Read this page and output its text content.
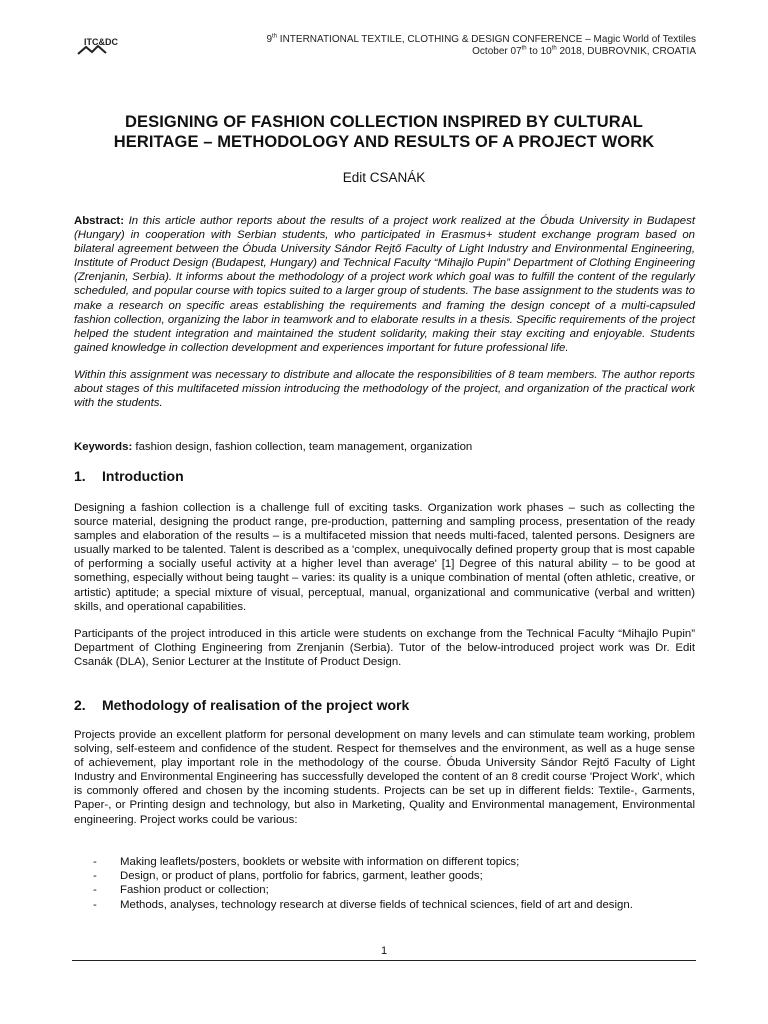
ITC&DC	9th INTERNATIONAL TEXTILE, CLOTHING & DESIGN CONFERENCE – Magic World of Textiles
October 07th to 10th 2018, DUBROVNIK, CROATIA
DESIGNING OF FASHION COLLECTION INSPIRED BY CULTURAL
HERITAGE – METHODOLOGY AND RESULTS OF A PROJECT WORK
Edit CSANÁK

Abstract: In this article author reports about the results of a project work realized at the Óbuda University in Budapest (Hungary) in cooperation with Serbian students, who participated in Erasmus+ student exchange program based on bilateral agreement between the Óbuda University Sándor Rejtő Faculty of Light Industry and Environmental Engineering, Institute of Product Design (Budapest, Hungary) and Technical Faculty “Mihajlo Pupin” Department of Clothing Engineering (Zrenjanin, Serbia). It informs about the methodology of a project work which goal was to fulfill the content of the regularly scheduled, and popular course with topics suited to a larger group of students. The base assignment to the students was to make a research on specific areas establishing the requirements and framing the design concept of a multi-capsuled fashion collection, organizing the labor in teamwork and to elaborate results in a thesis. Specific requirements of the project helped the student integration and maintained the student solidarity, making their stay exciting and enjoyable. Students gained knowledge in collection development and experiences important for future professional life.

Within this assignment was necessary to distribute and allocate the responsibilities of 8 team members. The author reports about stages of this multifaceted mission introducing the methodology of the project, and organization of the practical work with the students.

Keywords: fashion design, fashion collection, team management, organization
1. Introduction

Designing a fashion collection is a challenge full of exciting tasks. Organization work phases – such as collecting the source material, designing the product range, pre-production, patterning and sampling process, presentation of the ready samples and elaboration of the results – is a multifaceted mission that needs multi-faced, talented persons. Designers are usually marked to be talented. Talent is described as a 'complex, unequivocally defined property group that is most capable of performing a socially useful activity at a higher level than average' [1] Degree of this natural ability – to be good at something, especially without being taught – varies: its quality is a unique combination of mental (often athletic, creative, or artistic) aptitude; a special mixture of visual, perceptual, manual, organizational and communicative (verbal and written) skills, and operational capabilities.

Participants of the project introduced in this article were students on exchange from the Technical Faculty “Mihajlo Pupin” Department of Clothing Engineering from Zrenjanin (Serbia). Tutor of the below-introduced project work was Dr. Edit Csanák (DLA), Senior Lecturer at the Institute of Product Design.

2. Methodology of realisation of the project work

Projects provide an excellent platform for personal development on many levels and can stimulate team working, problem solving, self-esteem and confidence of the student. Respect for themselves and the environment, as well as a huge sense of achievement, play important role in the methodology of the course. Óbuda University Sándor Rejtő Faculty of Light Industry and Environmental Engineering has successfully developed the content of an 8 credit course 'Project Work', which is commonly offered and chosen by the incoming students. Projects can be set up in different fields: Textile-, Garments, Paper-, or Printing design and technology, but also in Marketing, Quality and Environmental management, Environmental engineering. Project works could be various:

- Making leaflets/posters, booklets or website with information on different topics;
- Design, or product of plans, portfolio for fabrics, garment, leather goods;
- Fashion product or collection;
- Methods, analyses, technology research at diverse fields of technical sciences, field of art and design.
1
